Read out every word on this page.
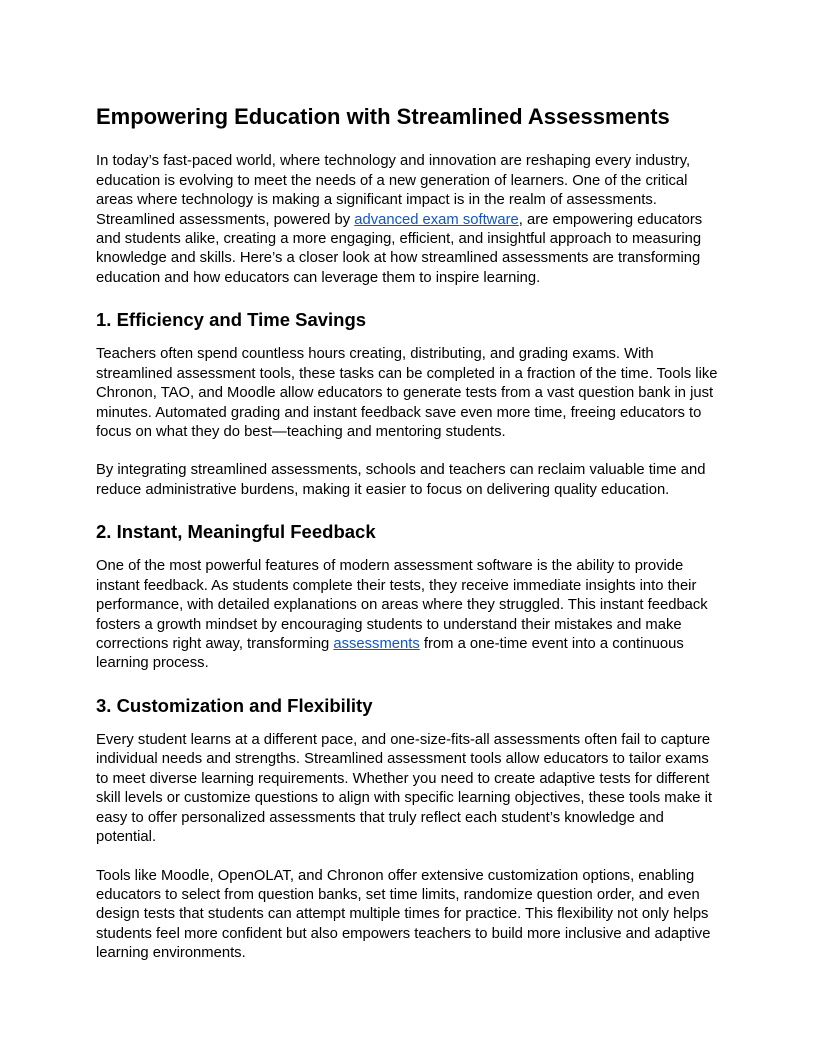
Empowering Education with Streamlined Assessments

In today’s fast-paced world, where technology and innovation are reshaping every industry, education is evolving to meet the needs of a new generation of learners. One of the critical areas where technology is making a significant impact is in the realm of assessments. Streamlined assessments, powered by advanced exam software, are empowering educators and students alike, creating a more engaging, efficient, and insightful approach to measuring knowledge and skills. Here’s a closer look at how streamlined assessments are transforming education and how educators can leverage them to inspire learning.

1. Efficiency and Time Savings

Teachers often spend countless hours creating, distributing, and grading exams. With streamlined assessment tools, these tasks can be completed in a fraction of the time. Tools like Chronon, TAO, and Moodle allow educators to generate tests from a vast question bank in just minutes. Automated grading and instant feedback save even more time, freeing educators to focus on what they do best—teaching and mentoring students.

By integrating streamlined assessments, schools and teachers can reclaim valuable time and reduce administrative burdens, making it easier to focus on delivering quality education.

2. Instant, Meaningful Feedback

One of the most powerful features of modern assessment software is the ability to provide instant feedback. As students complete their tests, they receive immediate insights into their performance, with detailed explanations on areas where they struggled. This instant feedback fosters a growth mindset by encouraging students to understand their mistakes and make corrections right away, transforming assessments from a one-time event into a continuous learning process.

3. Customization and Flexibility

Every student learns at a different pace, and one-size-fits-all assessments often fail to capture individual needs and strengths. Streamlined assessment tools allow educators to tailor exams to meet diverse learning requirements. Whether you need to create adaptive tests for different skill levels or customize questions to align with specific learning objectives, these tools make it easy to offer personalized assessments that truly reflect each student’s knowledge and potential.

Tools like Moodle, OpenOLAT, and Chronon offer extensive customization options, enabling educators to select from question banks, set time limits, randomize question order, and even design tests that students can attempt multiple times for practice. This flexibility not only helps students feel more confident but also empowers teachers to build more inclusive and adaptive learning environments.
